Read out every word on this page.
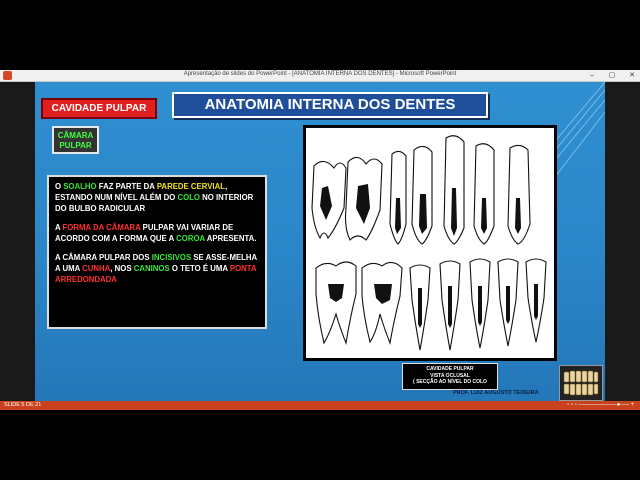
Apresentação de slides do PowerPoint - [ANATOMIA INTERNA DOS DENTES] - Microsoft PowerPoint	– ▢ ✕
CAVIDADE PULPAR	ANATOMIA INTERNA DOS DENTES
CÂMARA
PULPAR

O SOALHO FAZ PARTE DA PAREDE CERVIAL, ESTANDO NUM NÍVEL ALÉM DO COLO NO INTERIOR DO BULBO RADICULAR

A FORMA DA CÂMARA PULPAR VAI VARIAR DE ACORDO COM A FORMA QUE A COROA APRESENTA.

A CÂMARA PULPAR DOS INCISIVOS SE ASSE-MELHA A UMA CUNHA, NOS CANINOS O TETO É UMA PONTA ARREDONDADA

CAVIDADE PULPAR
VISTA OCLUSAL
( SECÇÃO AO NÍVEL DO COLO
PROF. LUIZ AUGUSTO TEIXEIRA
SLIDE 5 DE 21	▫ ▫ ▫ ─────────●── +
